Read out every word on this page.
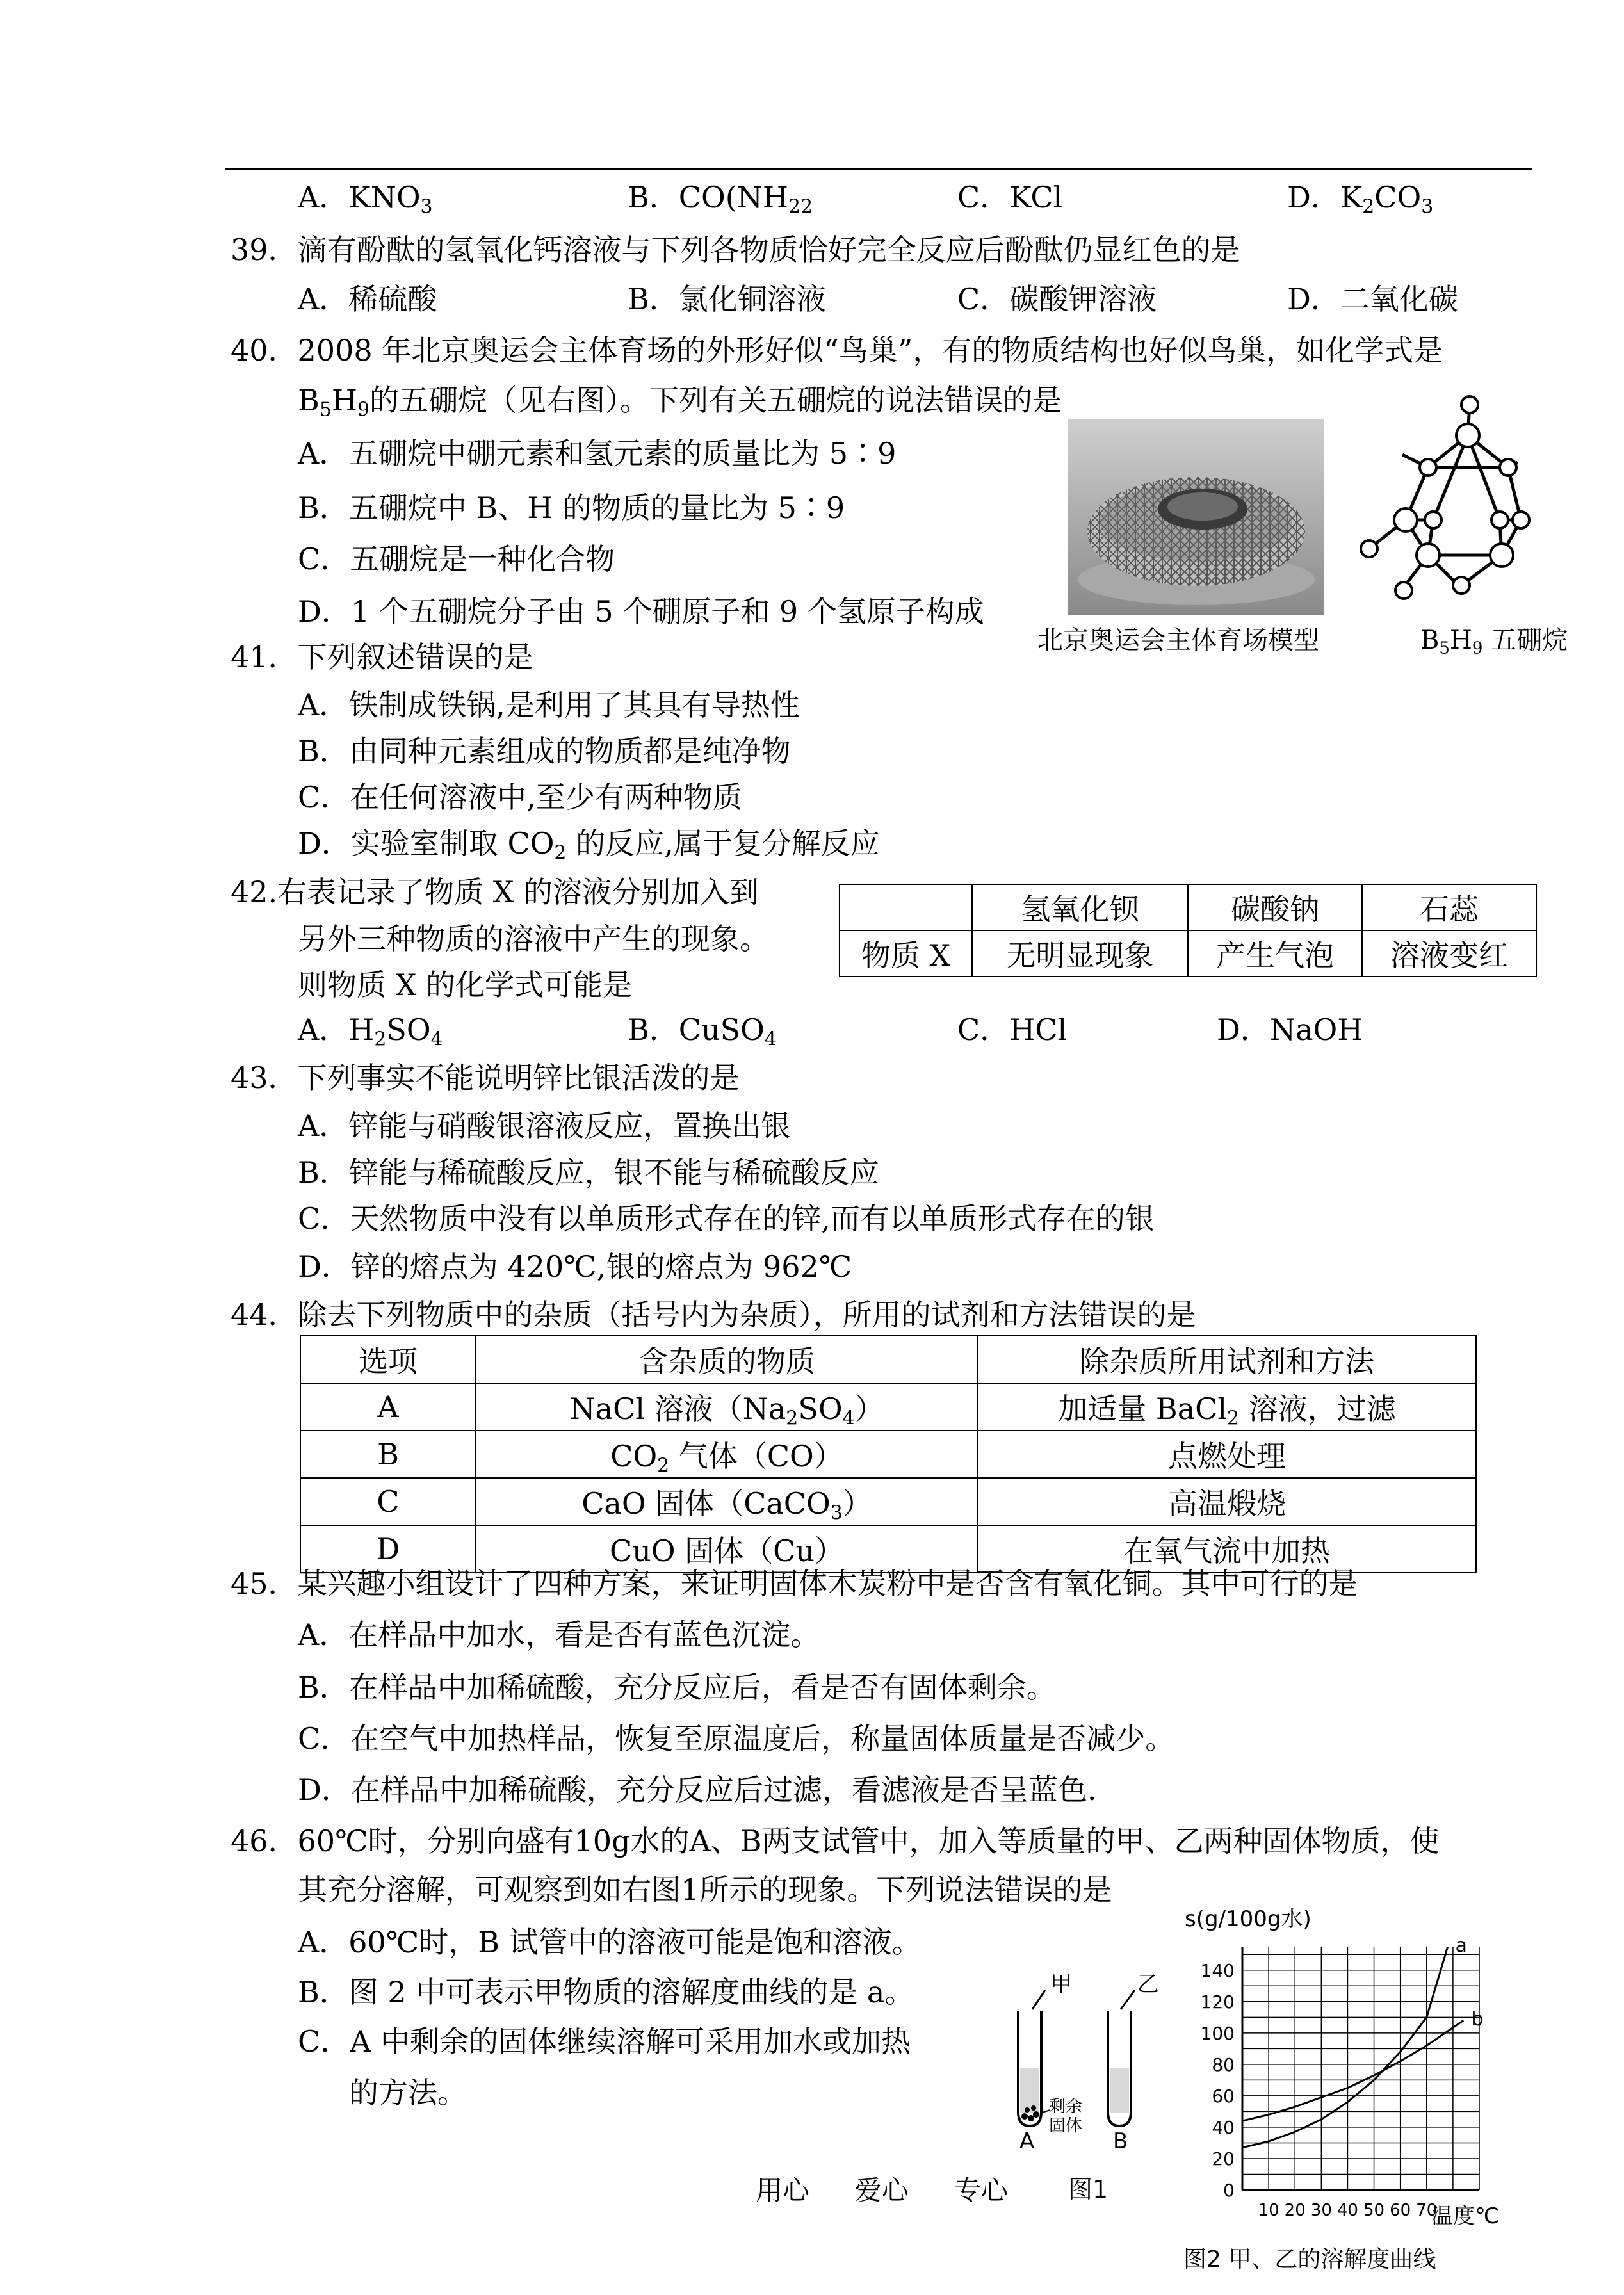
A．$KNO_3$	B．$CO(NH_{22}$	C．KCl	D．$K_2CO_3$
39．滴有酚酞的氢氧化钙溶液与下列各物质恰好完全反应后酚酞仍显红色的是
A．稀硫酸	B．氯化铜溶液	C．碳酸钾溶液	D．二氧化碳
40．2008 年北京奥运会主体育场的外形好似“鸟巢”，有的物质结构也好似鸟巢，如化学式是
$B_5H_9$的五硼烷（见右图）。下列有关五硼烷的说法错误的是
A．五硼烷中硼元素和氢元素的质量比为 5∶9
B．五硼烷中 B、H 的物质的量比为 5∶9
C．五硼烷是一种化合物
D．1 个五硼烷分子由 5 个硼原子和 9 个氢原子构成
北京奥运会主体育场模型	$B_5H_9$ 五硼烷
41．下列叙述错误的是
A．铁制成铁锅,是利用了其具有导热性
B．由同种元素组成的物质都是纯净物
C．在任何溶液中,至少有两种物质
D．实验室制取 $CO_2$ 的反应,属于复分解反应
42.右表记录了物质 X 的溶液分别加入到
另外三种物质的溶液中产生的现象。
则物质 X 的化学式可能是
	氢氧化钡	碳酸钠	石蕊
物质 X	无明显现象	产生气泡	溶液变红
A．$H_2SO_4$	B．CuSO$_4$	C．HCl	D．NaOH
43．下列事实不能说明锌比银活泼的是
A．锌能与硝酸银溶液反应，置换出银
B．锌能与稀硫酸反应，银不能与稀硫酸反应
C．天然物质中没有以单质形式存在的锌,而有以单质形式存在的银
D．锌的熔点为 420℃,银的熔点为 962℃
44．除去下列物质中的杂质（括号内为杂质），所用的试剂和方法错误的是
选项	含杂质的物质	除杂质所用试剂和方法
A	NaCl 溶液$(Na_2SO_4)$	加适量 BaCl$_2$ 溶液，过滤
B	$CO_2$ 气体（CO）	点燃处理
C	CaO 固体（CaCO$_3$）	高温煅烧
D	CuO 固体（Cu）	在氧气流中加热
45．某兴趣小组设计了四种方案，来证明固体木炭粉中是否含有氧化铜。其中可行的是
A．在样品中加水，看是否有蓝色沉淀。
B．在样品中加稀硫酸，充分反应后，看是否有固体剩余。
C．在空气中加热样品，恢复至原温度后，称量固体质量是否减少。
D．在样品中加稀硫酸，充分反应后过滤，看滤液是否呈蓝色.
46．60℃时，分别向盛有10g水的A、B两支试管中，加入等质量的甲、乙两种固体物质，使
其充分溶解，可观察到如右图1所示的现象。下列说法错误的是
A．60℃时，B 试管中的溶液可能是饱和溶液。
B．图 2 中可表示甲物质的溶解度曲线的是 a。
C．A 中剩余的固体继续溶解可采用加水或加热
的方法。
甲	乙
剩余
固体
A	B
图1
用心 爱心 专心	0
20
40
60
80
100
120
140
10 20 30 40 50 60 70
s(g/100g水)
温度℃
a
b
图2 甲、乙的溶解度曲线
